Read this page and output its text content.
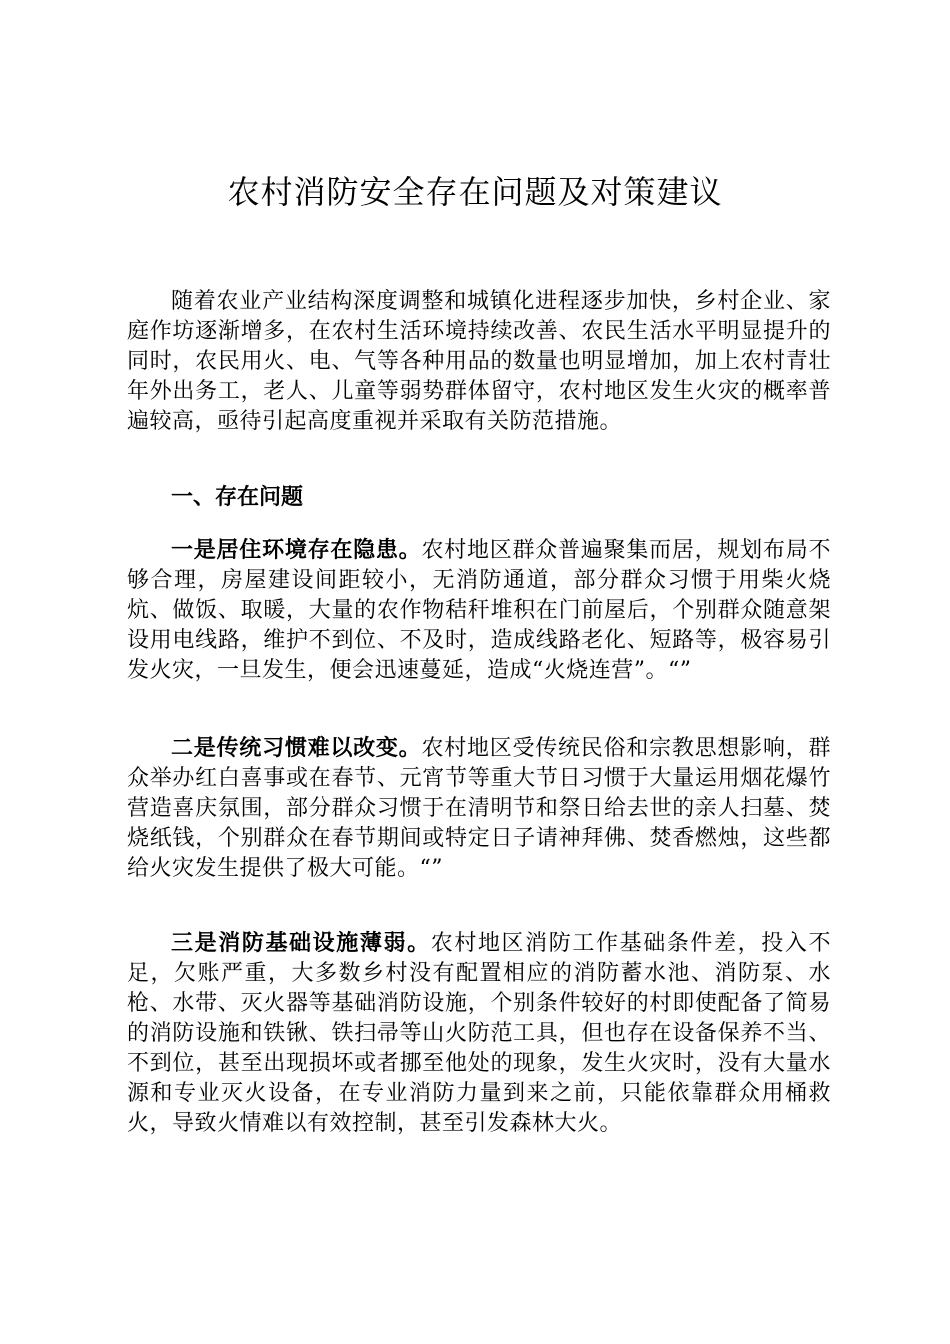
农村消防安全存在问题及对策建议

随着农业产业结构深度调整和城镇化进程逐步加快，乡村企业、家庭作坊逐渐增多，在农村生活环境持续改善、农民生活水平明显提升的同时，农民用火、电、气等各种用品的数量也明显增加，加上农村青壮年外出务工，老人、儿童等弱势群体留守，农村地区发生火灾的概率普遍较高，亟待引起高度重视并采取有关防范措施。

一、存在问题

一是居住环境存在隐患。农村地区群众普遍聚集而居，规划布局不够合理，房屋建设间距较小，无消防通道，部分群众习惯于用柴火烧炕、做饭、取暖，大量的农作物秸秆堆积在门前屋后，个别群众随意架设用电线路，维护不到位、不及时，造成线路老化、短路等，极容易引发火灾，一旦发生，便会迅速蔓延，造成“火烧连营”。“”

二是传统习惯难以改变。农村地区受传统民俗和宗教思想影响，群众举办红白喜事或在春节、元宵节等重大节日习惯于大量运用烟花爆竹营造喜庆氛围，部分群众习惯于在清明节和祭日给去世的亲人扫墓、焚烧纸钱，个别群众在春节期间或特定日子请神拜佛、焚香燃烛，这些都给火灾发生提供了极大可能。“”

三是消防基础设施薄弱。农村地区消防工作基础条件差，投入不足，欠账严重，大多数乡村没有配置相应的消防蓄水池、消防泵、水枪、水带、灭火器等基础消防设施，个别条件较好的村即使配备了简易的消防设施和铁锹、铁扫帚等山火防范工具，但也存在设备保养不当、不到位，甚至出现损坏或者挪至他处的现象，发生火灾时，没有大量水源和专业灭火设备，在专业消防力量到来之前，只能依靠群众用桶救火，导致火情难以有效控制，甚至引发森林大火。
